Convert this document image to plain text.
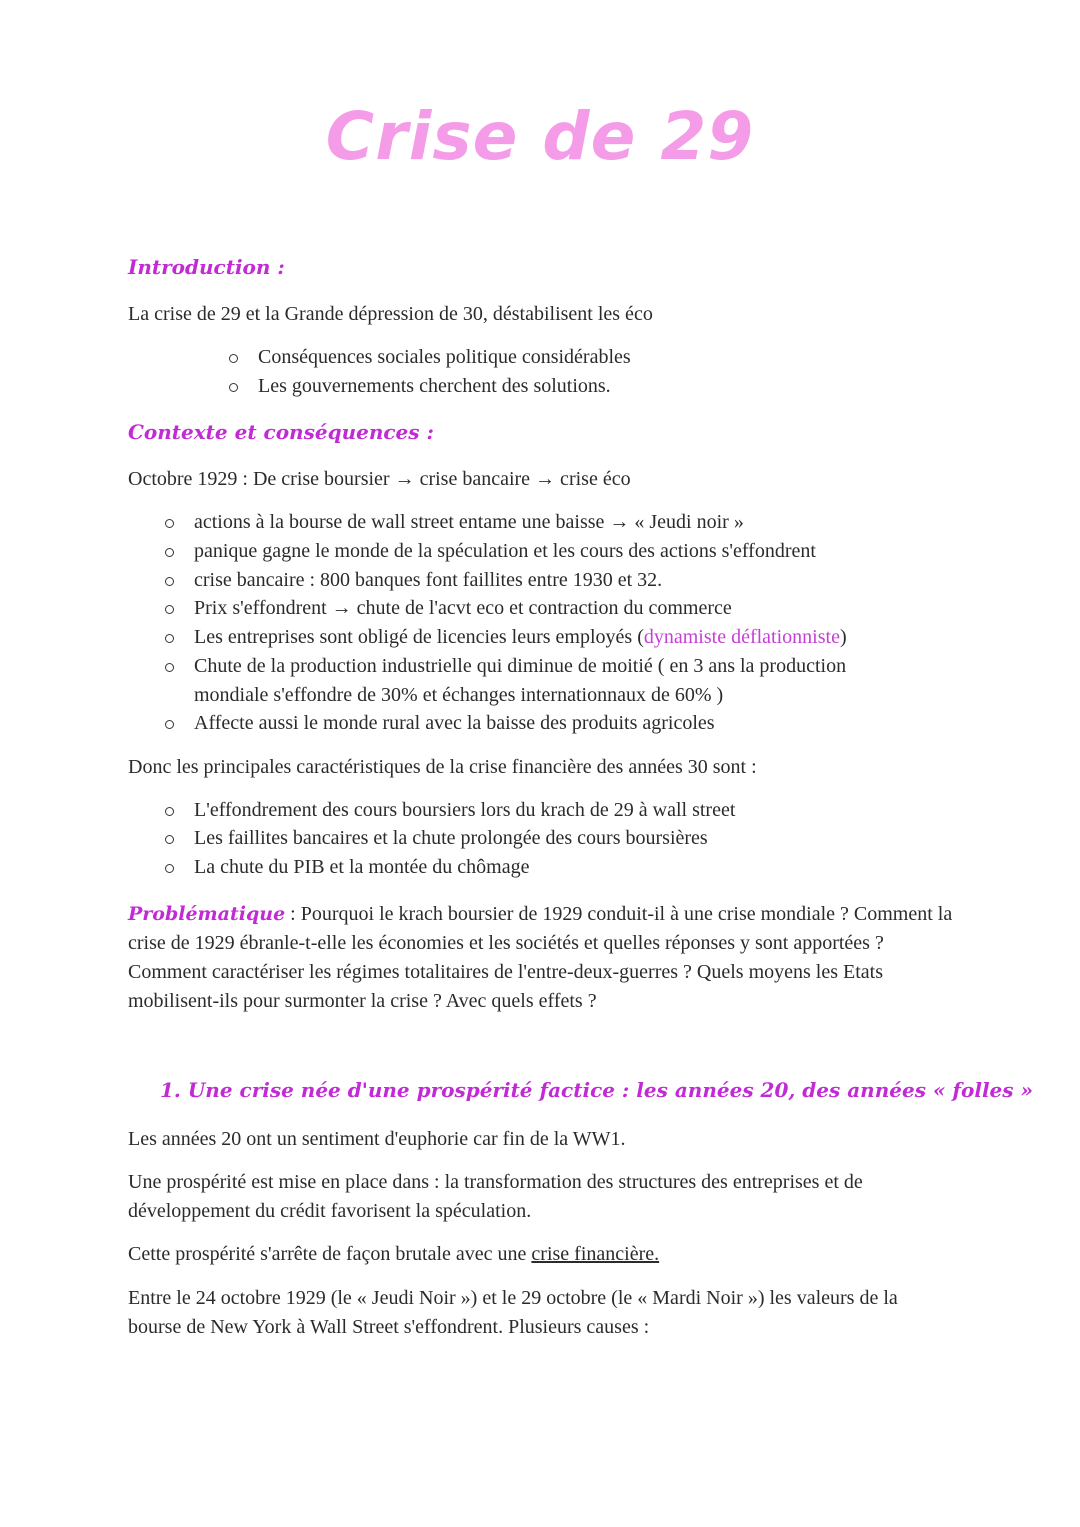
Crise de 29
Introduction :
La crise de 29 et la Grande dépression de 30, déstabilisent les éco
Conséquences sociales politique considérables
Les gouvernements cherchent des solutions.
Contexte et conséquences :
Octobre 1929 : De crise boursier → crise bancaire → crise éco
actions à la bourse de wall street entame une baisse → « Jeudi noir »
panique gagne le monde de la spéculation et les cours des actions s'effondrent
crise bancaire : 800 banques font faillites entre 1930 et 32.
Prix s'effondrent → chute de l'acvt eco et contraction du commerce
Les entreprises sont obligé de licencies leurs employés (dynamiste déflationniste)
Chute de la production industrielle qui diminue de moitié ( en 3 ans la production
mondiale s'effondre de 30% et échanges internationnaux de 60% )
Affecte aussi le monde rural avec la baisse des produits agricoles
Donc les principales caractéristiques de la crise financière des années 30 sont :
L'effondrement des cours boursiers lors du krach de 29 à wall street
Les faillites bancaires et la chute prolongée des cours boursières
La chute du PIB et la montée du chômage
Problématique : Pourquoi le krach boursier de 1929 conduit-il à une crise mondiale ? Comment la crise de 1929 ébranle-t-elle les économies et les sociétés et quelles réponses y sont apportées ? Comment caractériser les régimes totalitaires de l'entre-deux-guerres ? Quels moyens les Etats mobilisent-ils pour surmonter la crise ? Avec quels effets ?
1. Une crise née d'une prospérité factice : les années 20, des années « folles »
Les années 20 ont un sentiment d'euphorie car fin de la WW1.
Une prospérité est mise en place dans : la transformation des structures des entreprises et de développement du crédit favorisent la spéculation.
Cette prospérité s'arrête de façon brutale avec une crise financière.
Entre le 24 octobre 1929 (le « Jeudi Noir ») et le 29 octobre (le « Mardi Noir ») les valeurs de la bourse de New York à Wall Street s'effondrent. Plusieurs causes :
